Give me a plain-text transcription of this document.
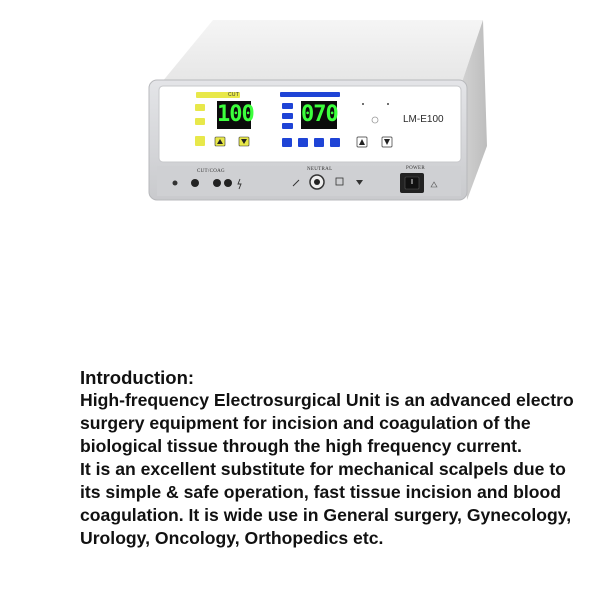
100 070
CUT
LM-E100
CUT/COAG	NEUTRAL	POWER
Introduction:

High-frequency Electrosurgical Unit is an advanced electro surgery equipment for incision and coagulation of the biological tissue through the high frequency current.

It is an excellent substitute for mechanical scalpels due to its simple & safe operation, fast tissue incision and blood coagulation. It is wide use in General surgery, Gynecology, Urology, Oncology, Orthopedics etc.
